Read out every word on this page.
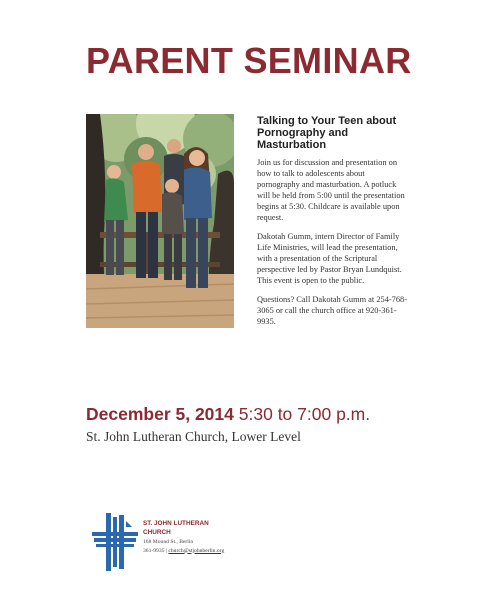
PARENT SEMINAR
Talking to Your Teen about Pornography and Masturbation

Join us for discussion and presentation on how to talk to adolescents about pornography and masturbation. A potluck will be held from 5:00 until the presentation begins at 5:30. Childcare is available upon request.

Dakotah Gumm, intern Director of Family Life Ministries, will lead the presentation, with a presentation of the Scriptural perspective led by Pastor Bryan Lundquist. This event is open to the public.

Questions? Call Dakotah Gumm at 254-768-3065 or call the church office at 920-361-9935.

December 5, 2014 5:30 to 7:00 p.m.
St. John Lutheran Church, Lower Level
ST. JOHN LUTHERAN CHURCH
168 Mound St., Berlin
361-9935 | church@stjohnberlin.org
